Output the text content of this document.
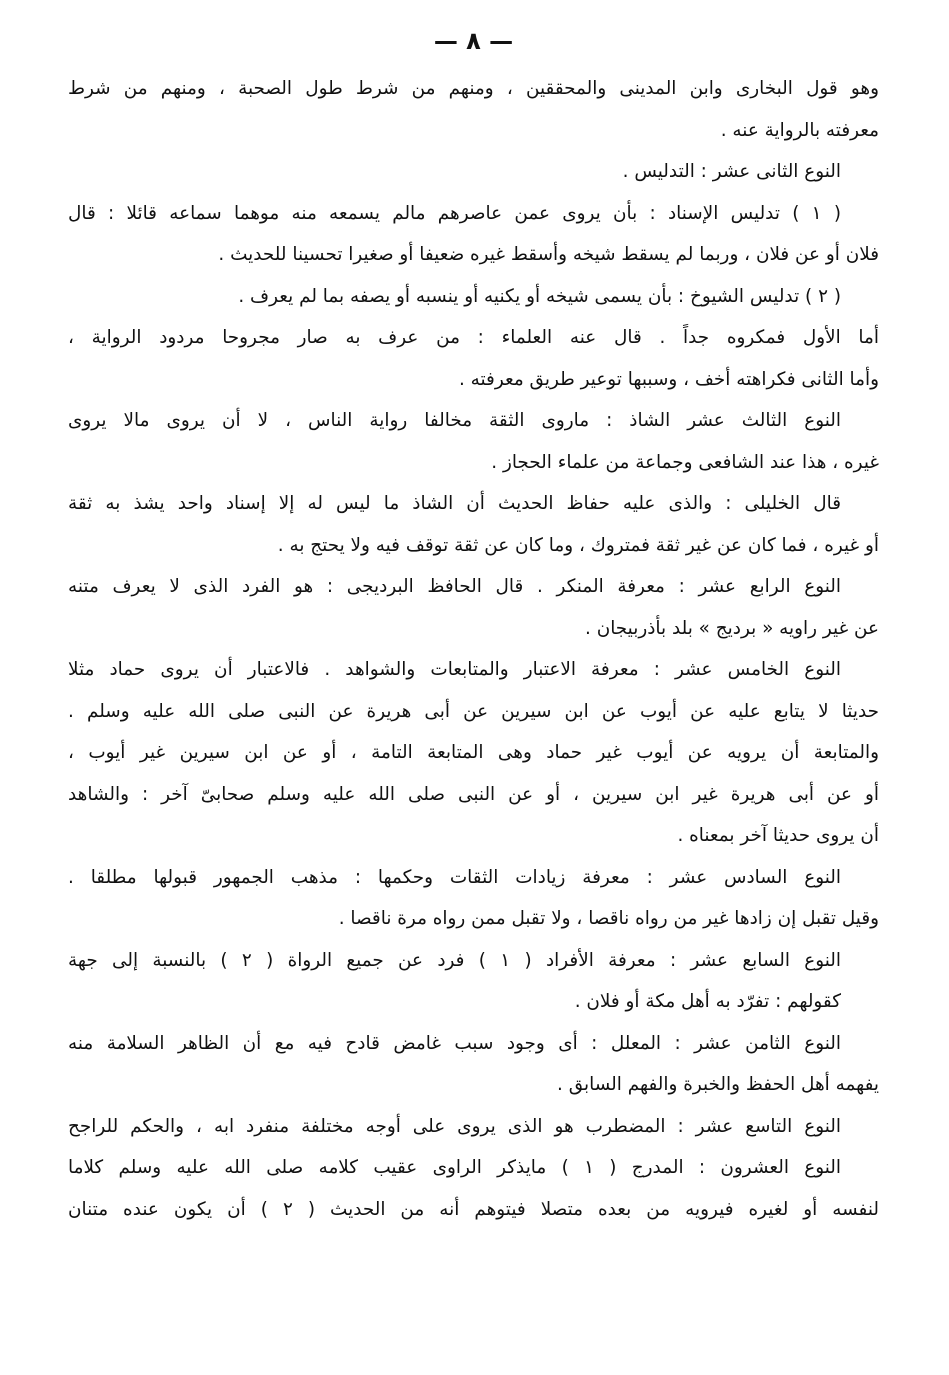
— ٨ —
وهو قول البخارى وابن المدينى والمحققين ، ومنهم من شرط طول الصحبة ، ومنهم من شرط
معرفته بالرواية عنه .
النوع الثانى عشر : التدليس .
( ١ ) تدليس الإسناد : بأن يروى عمن عاصرهم مالم يسمعه منه موهما سماعه قائلا : قال
فلان أو عن فلان ، وربما لم يسقط شيخه وأسقط غيره ضعيفا أو صغيرا تحسينا للحديث .
( ٢ ) تدليس الشيوخ : بأن يسمى شيخه أو يكنيه أو ينسبه أو يصفه بما لم يعرف .
أما الأول فمكروه جداً . قال عنه العلماء : من عرف به صار مجروحا مردود الرواية ،
وأما الثانى فكراهته أخف ، وسببها توعير طريق معرفته .
النوع الثالث عشر الشاذ : ماروى الثقة مخالفا رواية الناس ، لا أن يروى مالا يروى
غيره ، هذا عند الشافعى وجماعة من علماء الحجاز .
قال الخليلى : والذى عليه حفاظ الحديث أن الشاذ ما ليس له إلا إسناد واحد يشذ به ثقة
أو غيره ، فما كان عن غير ثقة فمتروك ، وما كان عن ثقة توقف فيه ولا يحتج به .
النوع الرابع عشر : معرفة المنكر . قال الحافظ البرديجى : هو الفرد الذى لا يعرف متنه
عن غير راويه « برديج » بلد بأذربيجان .
النوع الخامس عشر : معرفة الاعتبار والمتابعات والشواهد . فالاعتبار أن يروى حماد مثلا
حديثا لا يتابع عليه عن أيوب عن ابن سيرين عن أبى هريرة عن النبى صلى الله عليه وسلم .
والمتابعة أن يرويه عن أيوب غير حماد وهى المتابعة التامة ، أو عن ابن سيرين غير أيوب ،
أو عن أبى هريرة غير ابن سيرين ، أو عن النبى صلى الله عليه وسلم صحابىّ آخر : والشاهد
أن يروى حديثا آخر بمعناه .
النوع السادس عشر : معرفة زيادات الثقات وحكمها : مذهب الجمهور قبولها مطلقا .
وقيل تقبل إن زادها غير من رواه ناقصا ، ولا تقبل ممن رواه مرة ناقصا .
النوع السابع عشر : معرفة الأفراد ( ١ ) فرد عن جميع الرواة ( ٢ ) بالنسبة إلى جهة
كقولهم : تفرّد به أهل مكة أو فلان .
النوع الثامن عشر : المعلل : أى وجود سبب غامض قادح فيه مع أن الظاهر السلامة منه
يفهمه أهل الحفظ والخبرة والفهم السابق .
النوع التاسع عشر : المضطرب هو الذى يروى على أوجه مختلفة منفرد ابه ، والحكم للراجح
النوع العشرون : المدرج ( ١ ) مايذكر الراوى عقيب كلامه صلى الله عليه وسلم كلاما
لنفسه أو لغيره فيرويه من بعده متصلا فيتوهم أنه من الحديث ( ٢ ) أن يكون عنده متنان
